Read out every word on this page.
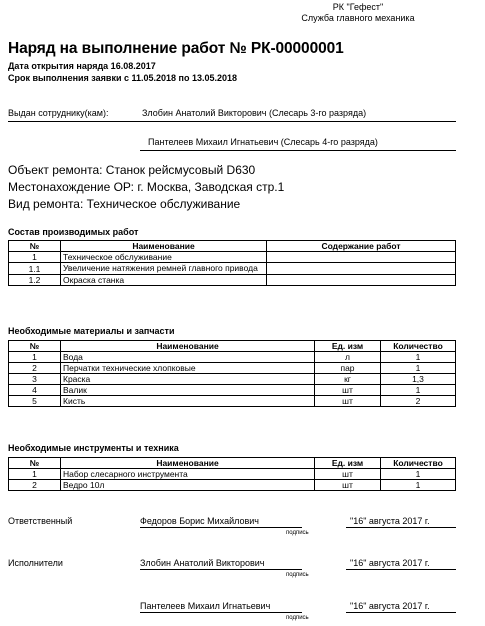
РК "Гефест"
Служба главного механика
Наряд на выполнение работ № РК-00000001
Дата открытия наряда 16.08.2017
Срок выполнения заявки с 11.05.2018 по 13.05.2018
Выдан сотруднику(кам):	Злобин Анатолий Викторович (Слесарь 3-го разряда)
Пантелеев Михаил Игнатьевич (Слесарь 4-го разряда)
Объект ремонта: Станок рейсмусовый D630
Местонахождение ОР: г. Москва, Заводская стр.1
Вид ремонта: Техническое обслуживание
Состав производимых работ
№	Наименование	Содержание работ
1	Техническое обслуживание	
1.1	Увеличение натяжения ремней главного привода	
1.2	Окраска станка	
Необходимые материалы и запчасти
№	Наименование	Ед. изм	Количество
1	Вода	л	1
2	Перчатки технические хлопковые	пар	1
3	Краска	кг	1,3
4	Валик	шт	1
5	Кисть	шт	2
Необходимые инструменты и техника
№	Наименование	Ед. изм	Количество
1	Набор слесарного инструмента	шт	1
2	Ведро 10л	шт	1
Ответственный
Исполнители
Федоров Борис Михайлович
подпись
"16" августа 2017 г.
Злобин Анатолий Викторович
подпись
"16" августа 2017 г.
Пантелеев Михаил Игнатьевич
подпись
"16" августа 2017 г.
